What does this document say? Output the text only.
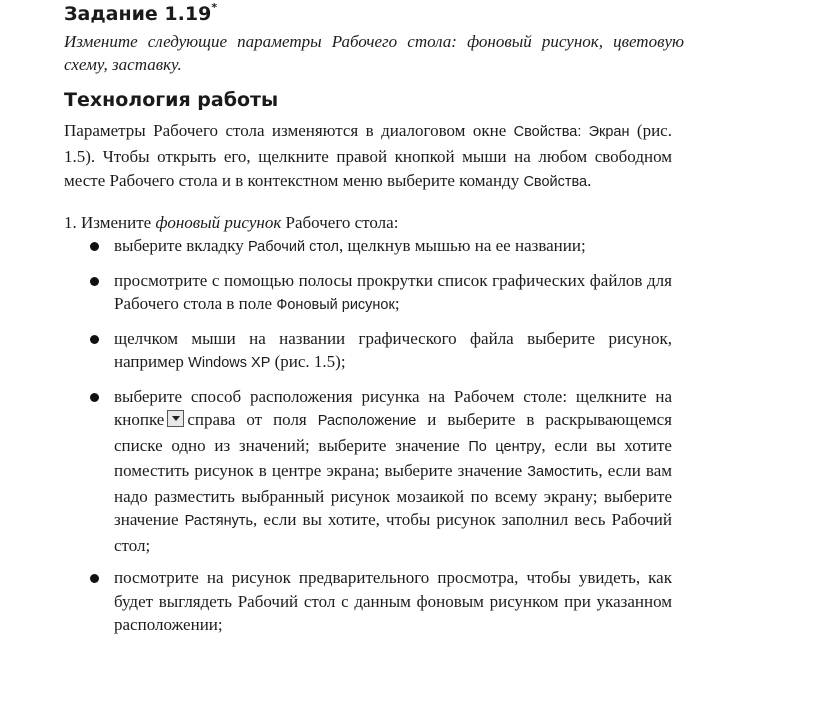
Задание 1.19*
Измените следующие параметры Рабочего стола: фоновый рисунок, цветовую схему, заставку.
Технология работы
Параметры Рабочего стола изменяются в диалоговом окне Свойства: Экран (рис. 1.5). Чтобы открыть его, щелкните правой кнопкой мыши на любом свободном месте Рабочего стола и в контекстном меню выберите команду Свойства.
1. Измените фоновый рисунок Рабочего стола:
выберите вкладку Рабочий стол, щелкнув мышью на ее названии;
просмотрите с помощью полосы прокрутки список графических файлов для Рабочего стола в поле Фоновый рисунок;
щелчком мыши на названии графического файла выберите рисунок, например Windows XP (рис. 1.5);
выберите способ расположения рисунка на Рабочем столе: щелкните на кнопке справа от поля Расположение и выберите в раскрывающемся списке одно из значений; выберите значение По центру, если вы хотите поместить рисунок в центре экрана; выберите значение Замостить, если вам надо разместить выбранный рисунок мозаикой по всему экрану; выберите значение Растянуть, если вы хотите, чтобы рисунок заполнил весь Рабочий стол;
посмотрите на рисунок предварительного просмотра, чтобы увидеть, как будет выглядеть Рабочий стол с данным фоновым рисунком при указанном расположении;
